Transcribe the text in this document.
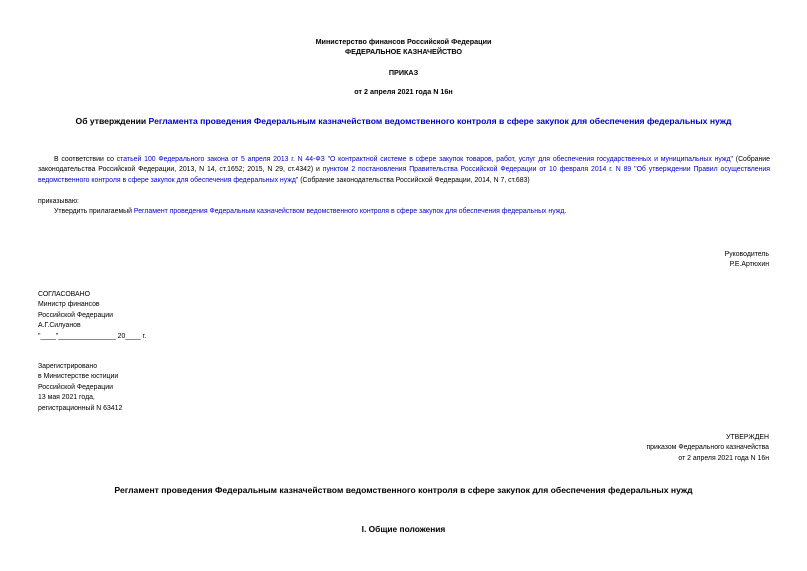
Министерство финансов Российской Федерации
ФЕДЕРАЛЬНОЕ КАЗНАЧЕЙСТВО
ПРИКАЗ
от 2 апреля 2021 года N 16н
Об утверждении Регламента проведения Федеральным казначейством ведомственного контроля в сфере закупок для обеспечения федеральных нужд
В соответствии со статьей 100 Федерального закона от 5 апреля 2013 г. N 44-ФЗ "О контрактной системе в сфере закупок товаров, работ, услуг для обеспечения государственных и муниципальных нужд" (Собрание законодательства Российской Федерации, 2013, N 14, ст.1652; 2015, N 29, ст.4342) и пунктом 2 постановления Правительства Российской Федерации от 10 февраля 2014 г. N 89 "Об утверждении Правил осуществления ведомственного контроля в сфере закупок для обеспечения федеральных нужд" (Собрание законодательства Российской Федерации, 2014, N 7, ст.683)
приказываю:
Утвердить прилагаемый Регламент проведения Федеральным казначейством ведомственного контроля в сфере закупок для обеспечения федеральных нужд.
Руководитель
Р.Е.Артюхин
СОГЛАСОВАНО
Министр финансов
Российской Федерации
А.Г.Силуанов
"____"_______________ 20____ г.
Зарегистрировано
в Министерстве юстиции
Российской Федерации
13 мая 2021 года,
регистрационный N 63412
УТВЕРЖДЕН
приказом Федерального казначейства
от 2 апреля 2021 года N 16н
Регламент проведения Федеральным казначейством ведомственного контроля в сфере закупок для обеспечения федеральных нужд
I. Общие положения
